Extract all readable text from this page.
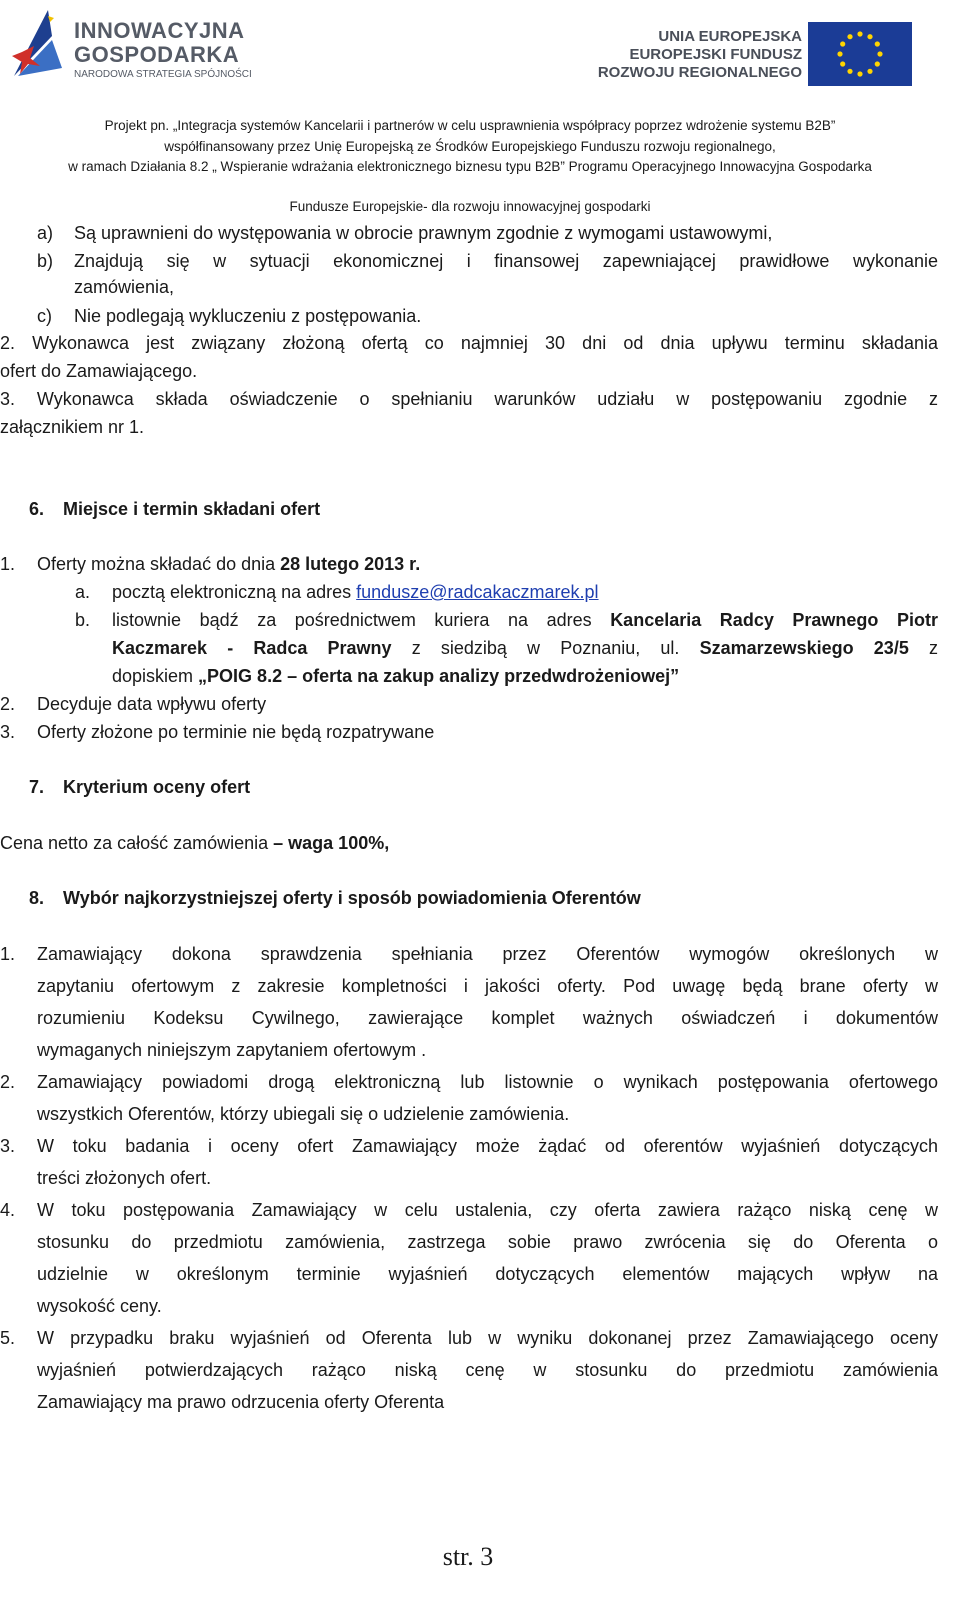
INNOWACYJNA
GOSPODARKA
NARODOWA STRATEGIA SPÓJNOŚCI
UNIA EUROPEJSKA
EUROPEJSKI FUNDUSZ
ROZWOJU REGIONALNEGO
Projekt pn. „Integracja systemów Kancelarii i partnerów w celu usprawnienia współpracy poprzez wdrożenie systemu B2B”
współfinansowany przez Unię Europejską ze Środków Europejskiego Funduszu rozwoju regionalnego,
w ramach Działania 8.2 „ Wspieranie wdrażania elektronicznego biznesu typu B2B” Programu Operacyjnego Innowacyjna Gospodarka
Fundusze Europejskie- dla rozwoju innowacyjnej gospodarki
a) Są uprawnieni do występowania w obrocie prawnym zgodnie z wymogami ustawowymi,
b) Znajdują się w sytuacji ekonomicznej i finansowej zapewniającej prawidłowe wykonanie
zamówienia,
c) Nie podlegają wykluczeniu z postępowania.
2. Wykonawca jest związany złożoną ofertą co najmniej 30 dni od dnia upływu terminu składania
ofert do Zamawiającego.
3. Wykonawca składa oświadczenie o spełnianiu warunków udziału w postępowaniu zgodnie z
załącznikiem nr 1.
6. Miejsce i termin składani ofert
1. Oferty można składać do dnia 28 lutego 2013 r.
a. pocztą elektroniczną na adres fundusze@radcakaczmarek.pl
b. listownie bądź za pośrednictwem kuriera na adres Kancelaria Radcy Prawnego Piotr
Kaczmarek - Radca Prawny z siedzibą w Poznaniu, ul. Szamarzewskiego 23/5 z
dopiskiem „POIG 8.2 – oferta na zakup analizy przedwdrożeniowej”
2. Decyduje data wpływu oferty
3. Oferty złożone po terminie nie będą rozpatrywane
7. Kryterium oceny ofert
Cena netto za całość zamówienia – waga 100%,
8. Wybór najkorzystniejszej oferty i sposób powiadomienia Oferentów
1. Zamawiający dokona sprawdzenia spełniania przez Oferentów wymogów określonych w
zapytaniu ofertowym z zakresie kompletności i jakości oferty. Pod uwagę będą brane oferty w
rozumieniu Kodeksu Cywilnego, zawierające komplet ważnych oświadczeń i dokumentów
wymaganych niniejszym zapytaniem ofertowym .
2. Zamawiający powiadomi drogą elektroniczną lub listownie o wynikach postępowania ofertowego
wszystkich Oferentów, którzy ubiegali się o udzielenie zamówienia.
3. W toku badania i oceny ofert Zamawiający może żądać od oferentów wyjaśnień dotyczących
treści złożonych ofert.
4. W toku postępowania Zamawiający w celu ustalenia, czy oferta zawiera rażąco niską cenę w
stosunku do przedmiotu zamówienia, zastrzega sobie prawo zwrócenia się do Oferenta o
udzielnie w określonym terminie wyjaśnień dotyczących elementów mających wpływ na
wysokość ceny.
5. W przypadku braku wyjaśnień od Oferenta lub w wyniku dokonanej przez Zamawiającego oceny
wyjaśnień potwierdzających rażąco niską cenę w stosunku do przedmiotu zamówienia
Zamawiający ma prawo odrzucenia oferty Oferenta
str. 3
